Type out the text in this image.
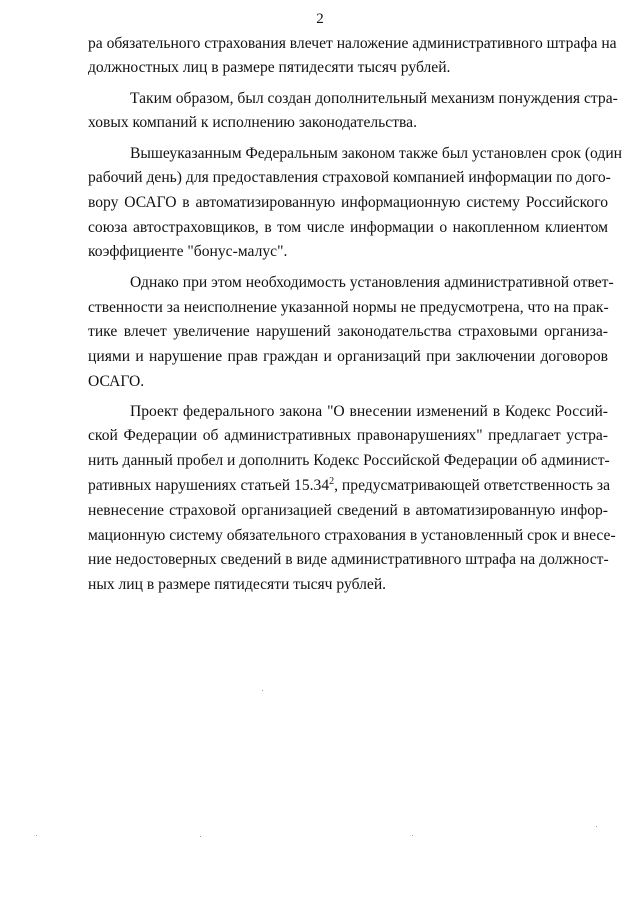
2
ра обязательного страхования влечет наложение административного штрафа на
должностных лиц в размере пятидесяти тысяч рублей.
Таким образом, был создан дополнительный механизм понуждения стра-
ховых компаний к исполнению законодательства.
Вышеуказанным Федеральным законом также был установлен срок (один
рабочий день) для предоставления страховой компанией информации по дого-
вору ОСАГО в автоматизированную информационную систему Российского
союза автостраховщиков, в том числе информации о накопленном клиентом
коэффициенте "бонус-малус".
Однако при этом необходимость установления административной ответ-
ственности за неисполнение указанной нормы не предусмотрена, что на прак-
тике влечет увеличение нарушений законодательства страховыми организа-
циями и нарушение прав граждан и организаций при заключении договоров
ОСАГО.
Проект федерального закона "О внесении изменений в Кодекс Россий-
ской Федерации об административных правонарушениях" предлагает устра-
нить данный пробел и дополнить Кодекс Российской Федерации об админист-
ративных нарушениях статьей 15.34$^2$, предусматривающей ответственность за
невнесение страховой организацией сведений в автоматизированную инфор-
мационную систему обязательного страхования в установленный срок и внесе-
ние недостоверных сведений в виде административного штрафа на должност-
ных лиц в размере пятидесяти тысяч рублей.
